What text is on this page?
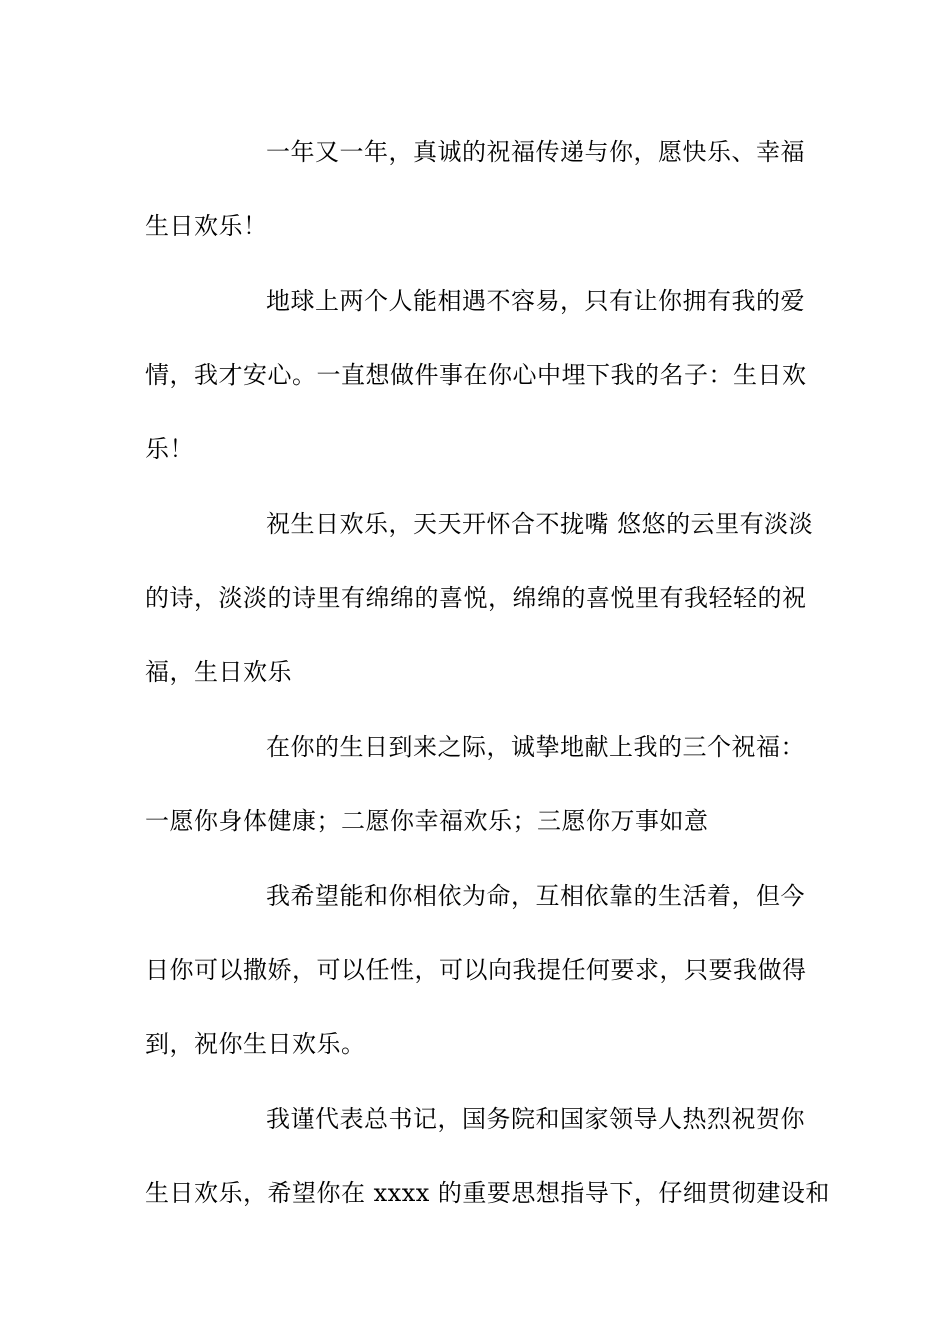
一年又一年，真诚的祝福传递与你，愿快乐、幸福
生日欢乐！
地球上两个人能相遇不容易，只有让你拥有我的爱
情，我才安心。一直想做件事在你心中埋下我的名子：生日欢
乐！
祝生日欢乐，天天开怀合不拢嘴 悠悠的云里有淡淡
的诗，淡淡的诗里有绵绵的喜悦，绵绵的喜悦里有我轻轻的祝
福，生日欢乐
在你的生日到来之际，诚挚地献上我的三个祝福：
一愿你身体健康；二愿你幸福欢乐；三愿你万事如意
我希望能和你相依为命，互相依靠的生活着，但今
日你可以撒娇，可以任性，可以向我提任何要求，只要我做得
到，祝你生日欢乐。
我谨代表总书记，国务院和国家领导人热烈祝贺你
生日欢乐，希望你在 xxxx 的重要思想指导下，仔细贯彻建设和
